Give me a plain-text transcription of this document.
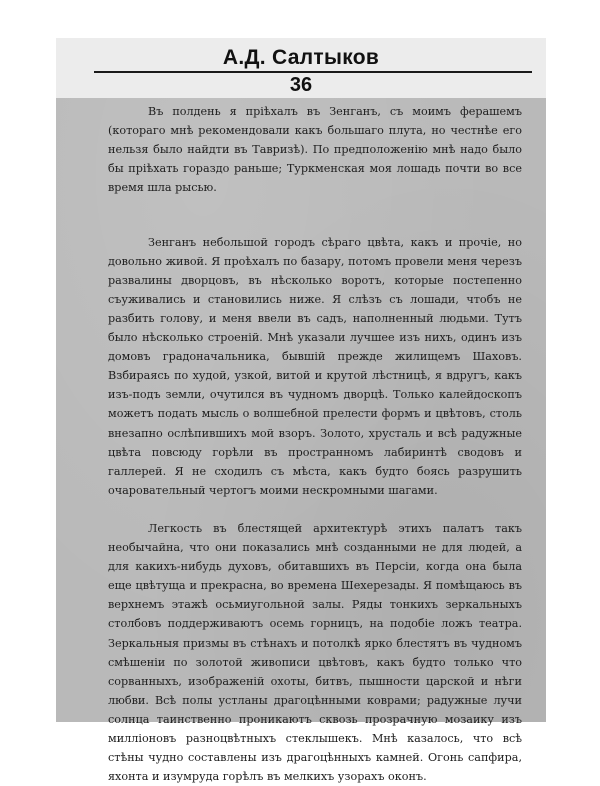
А.Д. Салтыков
36

Въ полдень я пріѣхалъ въ Зенганъ, съ моимъ ферашемъ (котораго мнѣ рекомендовали какъ большаго плута, но честнѣе его нельзя было найдти въ Тавризѣ). По предположенію мнѣ надо было бы пріѣхать гораздо раньше; Туркменская моя лошадь почти во все время шла рысью.

Зенганъ небольшой городъ сѣраго цвѣта, какъ и прочіе, но довольно живой. Я проѣхалъ по базару, потомъ провели меня черезъ развалины дворцовъ, въ нѣсколько воротъ, которые постепенно съуживались и становились ниже. Я слѣзъ съ лошади, чтобъ не разбить голову, и меня ввели въ садъ, наполненный людьми. Тутъ было нѣсколько строеній. Мнѣ указали лучшее изъ нихъ, одинъ изъ домовъ градоначальника, бывшій прежде жилищемъ Шаховъ. Взбираясь по худой, узкой, витой и крутой лѣстницѣ, я вдругъ, какъ изъ-подъ земли, очутился въ чудномъ дворцѣ. Только калейдоскопъ можетъ подать мысль о волшебной прелести формъ и цвѣтовъ, столь внезапно ослѣпившихъ мой взоръ. Золото, хрусталь и всѣ радужные цвѣта повсюду горѣли въ пространномъ лабиринтѣ сводовъ и галлерей. Я не сходилъ съ мѣста, какъ будто боясь разрушить очаровательный чертогъ моими нескромными шагами.

Легкость въ блестящей архитектурѣ этихъ палатъ такъ необычайна, что они показались мнѣ созданными не для людей, а для какихъ-нибудь духовъ, обитавшихъ въ Персіи, когда она была еще цвѣтуща и прекрасна, во времена Шехерезады. Я помѣщаюсь въ верхнемъ этажѣ осьмиугольной залы. Ряды тонкихъ зеркальныхъ столбовъ поддерживаютъ осемь горницъ, на подобіе ложъ театра. Зеркальныя призмы въ стѣнахъ и потолкѣ ярко блестятъ въ чудномъ смѣшеніи по золотой живописи цвѣтовъ, какъ будто только что сорванныхъ, изображеній охоты, битвъ, пышности царской и нѣги любви. Всѣ полы устланы драгоцѣнными коврами; радужные лучи солнца таинственно проникаютъ сквозь прозрачную мозаику изъ милліоновъ разноцвѣтныхъ стеклышекъ. Мнѣ казалось, что всѣ стѣны чудно составлены изъ драгоцѣнныхъ камней. Огонь сапфира, яхонта и изумруда горѣлъ въ мелкихъ узорахъ оконъ.
